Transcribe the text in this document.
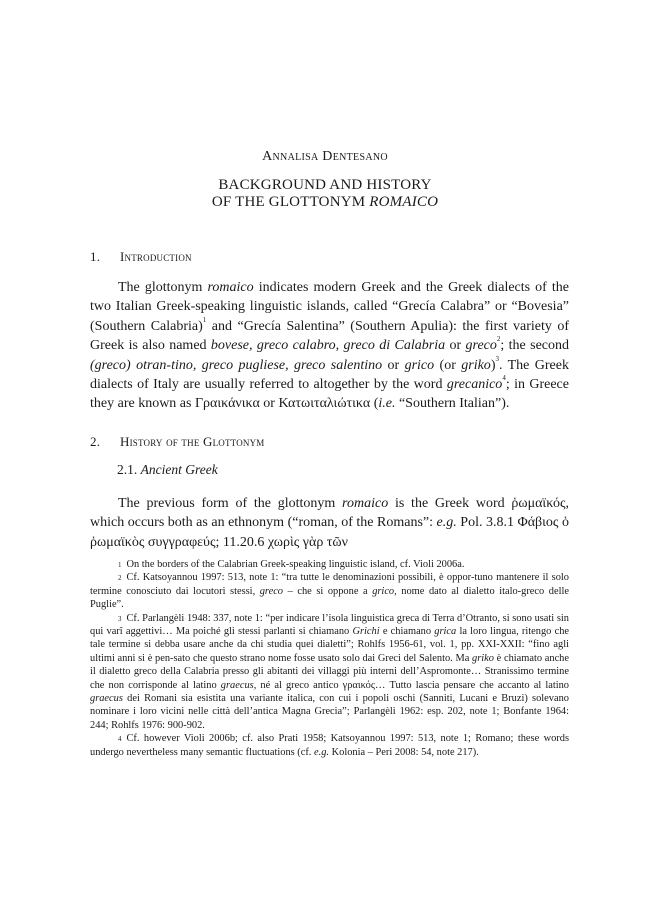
Annalisa Dentesano
BACKGROUND AND HISTORY
OF THE GLOTTONYM ROMAICO
1. Introduction

The glottonym romaico indicates modern Greek and the Greek dialects of the two Italian Greek-speaking linguistic islands, called “Grecía Calabra” or “Bovesia” (Southern Calabria)$^1$ and “Grecía Salentina” (Southern Apulia): the first variety of Greek is also named bovese, greco calabro, greco di Calabria or greco$^2$; the second (greco) otran-tino, greco pugliese, greco salentino or grico (or griko)$^3$. The Greek dialects of Italy are usually referred to altogether by the word grecanico$^4$; in Greece they are known as Γραικάνικα or Κατωιταλιώτικα (i.e. “Southern Italian”).

2. History of the Glottonym
2.1. Ancient Greek

The previous form of the glottonym romaico is the Greek word ῥωμαϊκός, which occurs both as an ethnonym (“roman, of the Romans”: e.g. Pol. 3.8.1 Φάβιος ὁ ῥωμαϊκὸς συγγραφεύς; 11.20.6 χωρὶς γὰρ τῶν

$^1$ On the borders of the Calabrian Greek-speaking linguistic island, cf. Violi 2006a.

$^2$ Cf. Katsoyannou 1997: 513, note 1: “tra tutte le denominazioni possibili, è oppor-tuno mantenere il solo termine conosciuto dai locutori stessi, greco – che si oppone a grico, nome dato al dialetto italo-greco delle Puglie”.

$^3$ Cf. Parlangèli 1948: 337, note 1: “per indicare l’isola linguistica greca di Terra d’Otranto, si sono usati sin qui varî aggettivi… Ma poiché gli stessi parlanti si chiamano Grichi e chiamano grica la loro lingua, ritengo che tale termine si debba usare anche da chi studia quei dialetti”; Rohlfs 1956-61, vol. 1, pp. XXI-XXII: “fino agli ultimi anni si è pen-sato che questo strano nome fosse usato solo dai Greci del Salento. Ma griko è chiamato anche il dialetto greco della Calabria presso gli abitanti dei villaggi più interni dell’Aspromonte… Stranissimo termine che non corrisponde al latino graecus, né al greco antico γραικός… Tutto lascia pensare che accanto al latino graecus dei Romani sia esistita una variante italica, con cui i popoli oschi (Sanniti, Lucani e Bruzi) solevano nominare i loro vicini nelle città dell’antica Magna Grecia”; Parlangèli 1962: esp. 202, note 1; Bonfante 1964: 244; Rohlfs 1976: 900-902.

$^4$ Cf. however Violi 2006b; cf. also Prati 1958; Katsoyannou 1997: 513, note 1; Romano; these words undergo nevertheless many semantic fluctuations (cf. e.g. Kolonia – Peri 2008: 54, note 217).
